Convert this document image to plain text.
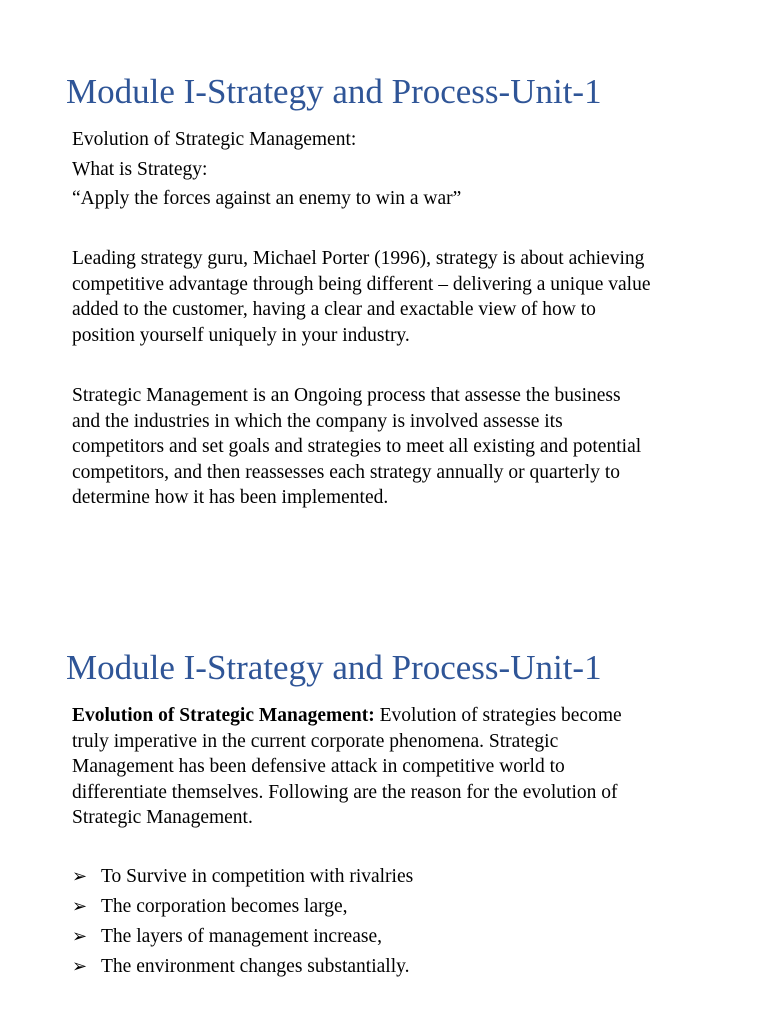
Module I-Strategy and Process-Unit-1
Evolution of Strategic Management:
What is Strategy:
“Apply the forces against an enemy to win a war”
Leading strategy guru, Michael Porter (1996), strategy is about achieving
competitive advantage through being different – delivering a unique value
added to the customer, having a clear and exactable view of how to
position yourself uniquely in your industry.
Strategic Management is an Ongoing process that assesse the business
and the industries in which the company is involved assesse its
competitors and set goals and strategies to meet all existing and potential
competitors, and then reassesses each strategy annually or quarterly to
determine how it has been implemented.
Module I-Strategy and Process-Unit-1
Evolution of Strategic Management: Evolution of strategies become
truly imperative in the current corporate phenomena. Strategic
Management has been defensive attack in competitive world to
differentiate themselves. Following are the reason for the evolution of
Strategic Management.
➢ To Survive in competition with rivalries
➢ The corporation becomes large,
➢ The layers of management increase,
➢ The environment changes substantially.
